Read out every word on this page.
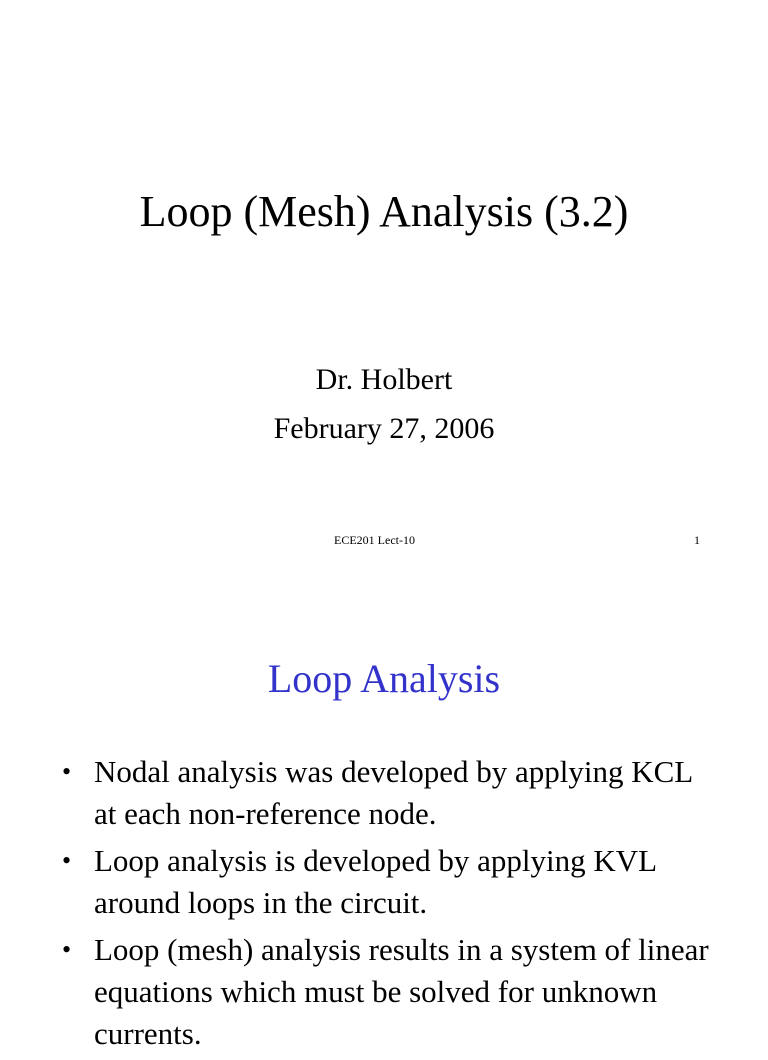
Loop (Mesh) Analysis (3.2)
Dr. Holbert
February 27, 2006
ECE201 Lect-10	1
Loop Analysis
• Nodal analysis was developed by applying KCL at each non-reference node.
• Loop analysis is developed by applying KVL around loops in the circuit.
• Loop (mesh) analysis results in a system of linear equations which must be solved for unknown currents.
